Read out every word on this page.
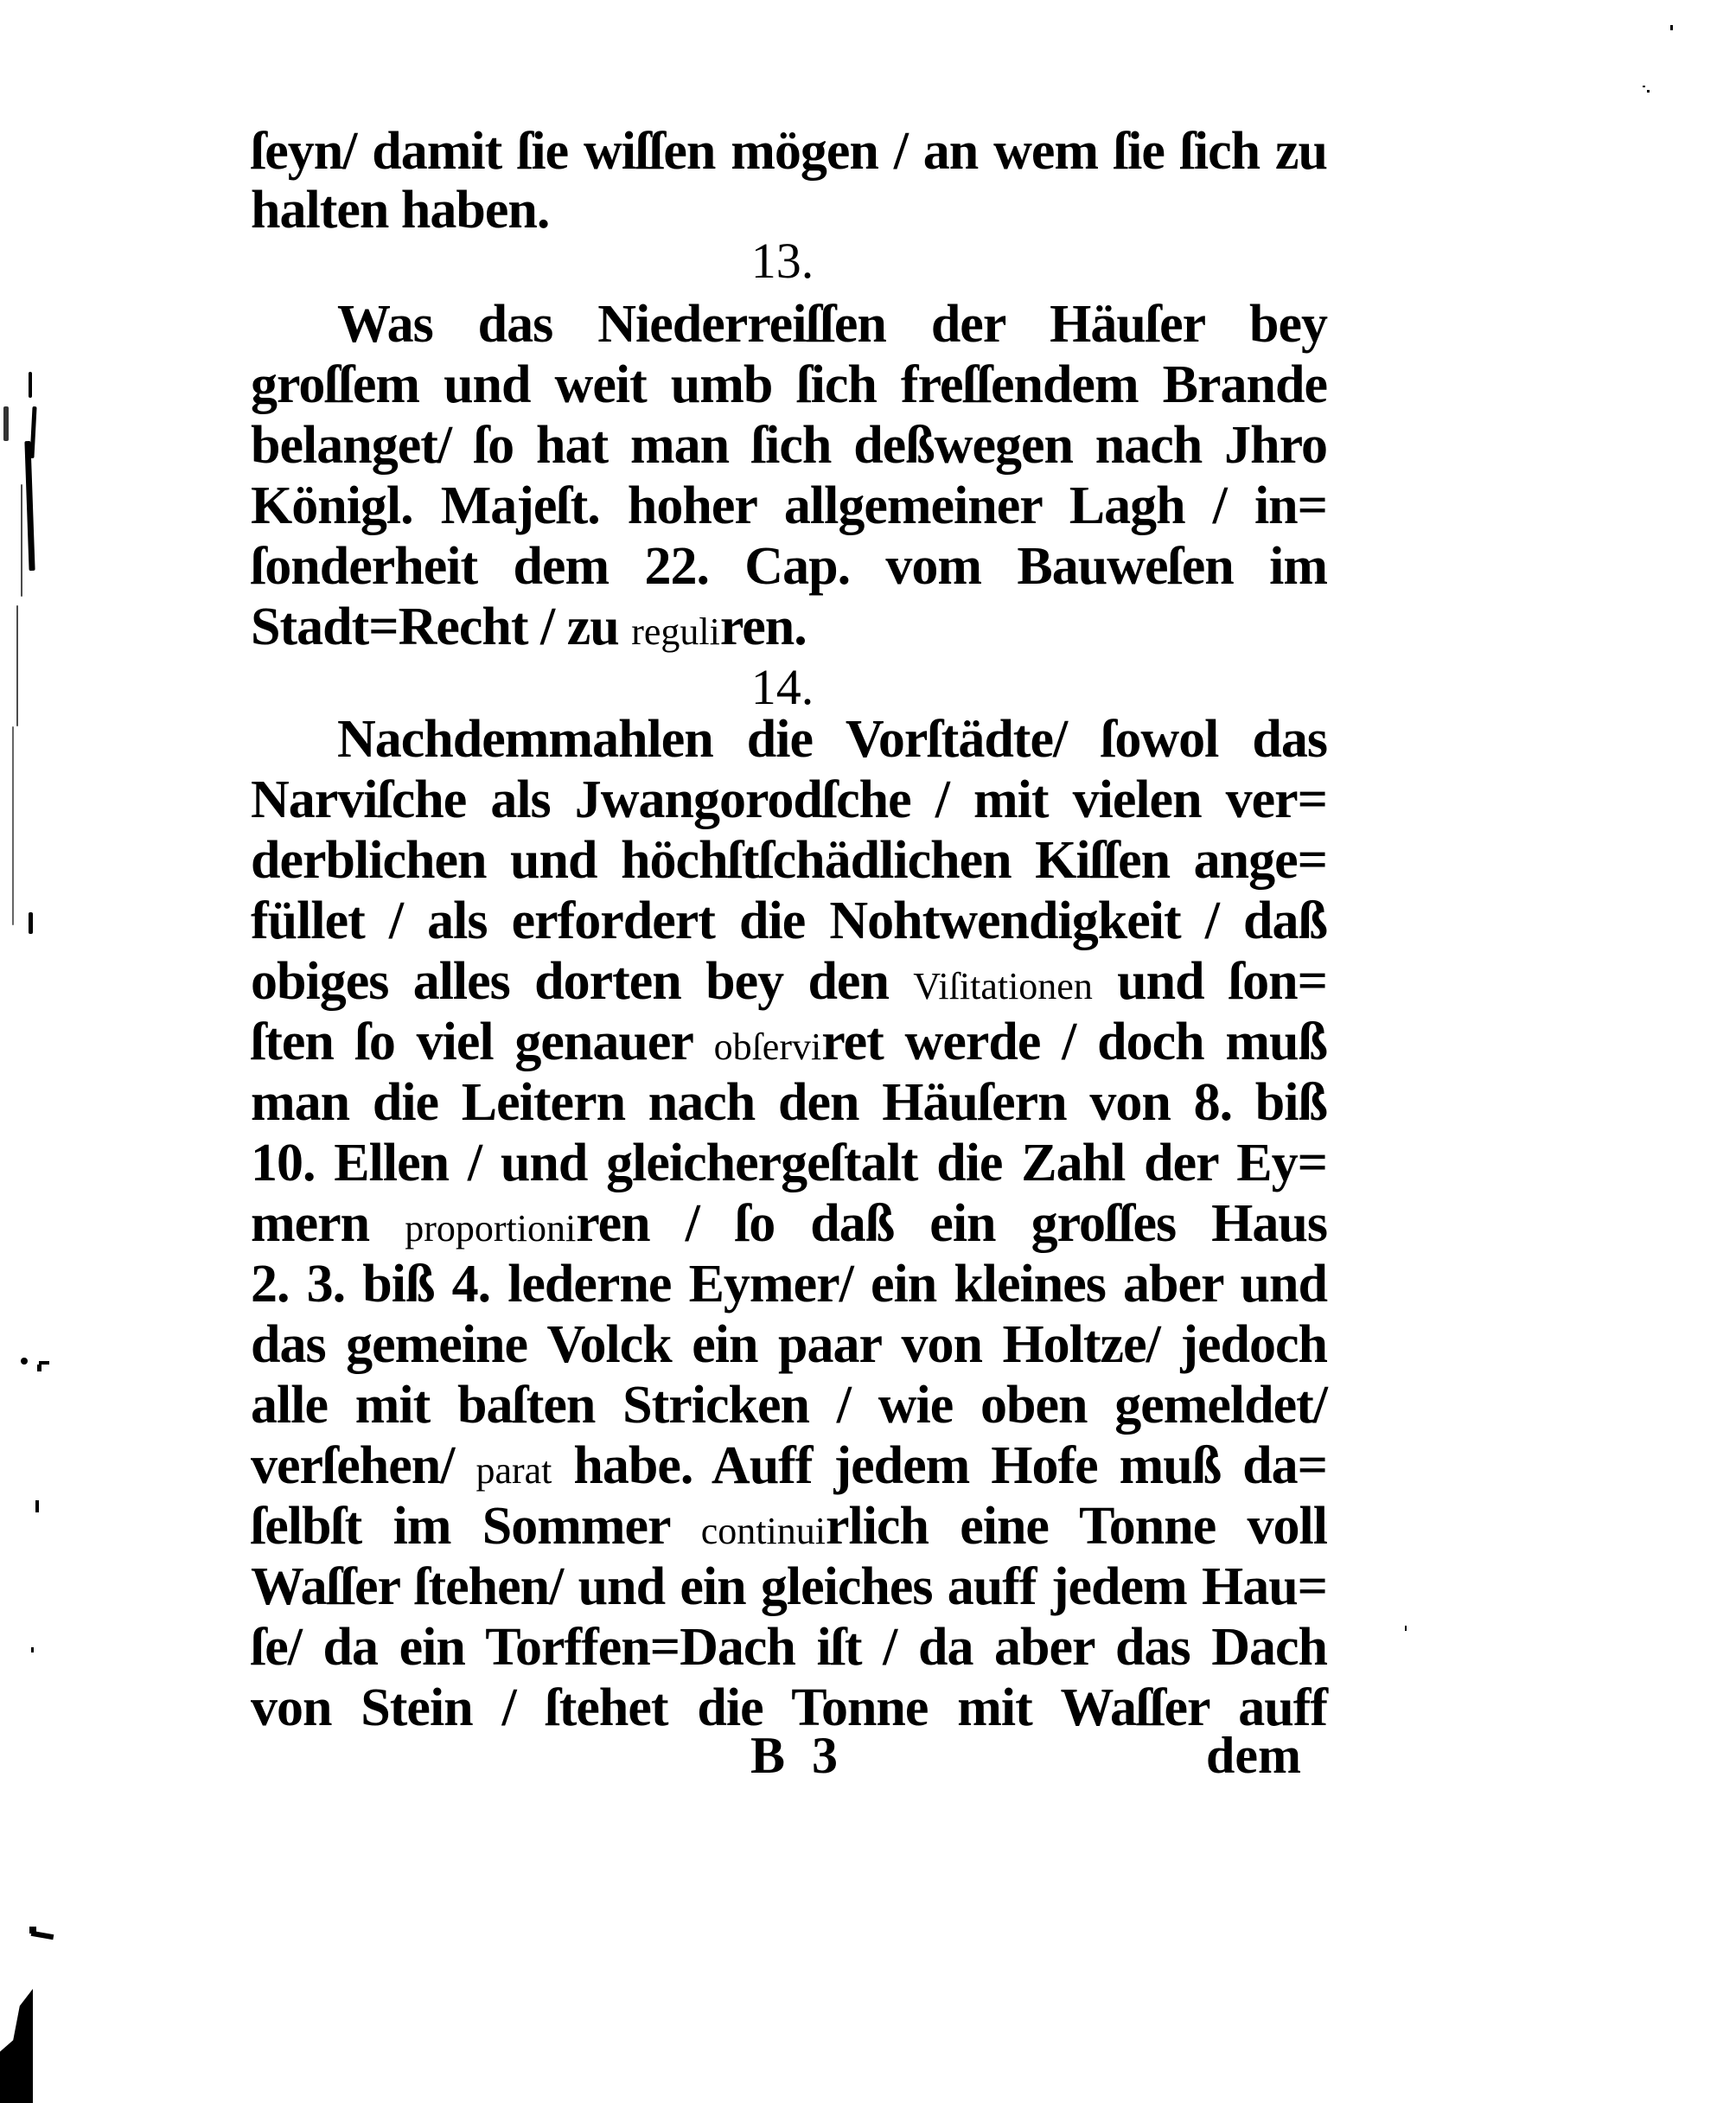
ſeyn/ damit ſie wiſſen mögen / an wem ſie ſich zu
halten haben.
13.
Was das Niederreiſſen der Häuſer bey
groſſem und weit umb ſich freſſendem Brande
belanget/ ſo hat man ſich deßwegen nach Jhro
Königl. Majeſt. hoher allgemeiner Lagh / in=
ſonderheit dem 22. Cap. vom Bauweſen im
Stadt=Recht / zu reguliren.
14.
Nachdemmahlen die Vorſtädte/ ſowol das
Narviſche als Jwangorodſche / mit vielen ver=
derblichen und höchſtſchädlichen Kiſſen ange=
füllet / als erfordert die Nohtwendigkeit / daß
obiges alles dorten bey den Viſitationen und ſon=
ſten ſo viel genauer obſerviret werde / doch muß
man die Leitern nach den Häuſern von 8. biß
10. Ellen / und gleichergeſtalt die Zahl der Ey=
mern proportioniren / ſo daß ein groſſes Haus
2. 3. biß 4. lederne Eymer/ ein kleines aber und
das gemeine Volck ein paar von Holtze/ jedoch
alle mit baſten Stricken / wie oben gemeldet/
verſehen/ parat habe. Auff jedem Hofe muß da=
ſelbſt im Sommer continuirlich eine Tonne voll
Waſſer ſtehen/ und ein gleiches auff jedem Hau=
ſe/ da ein Torffen=Dach iſt / da aber das Dach
von Stein / ſtehet die Tonne mit Waſſer auff
B 3	dem
